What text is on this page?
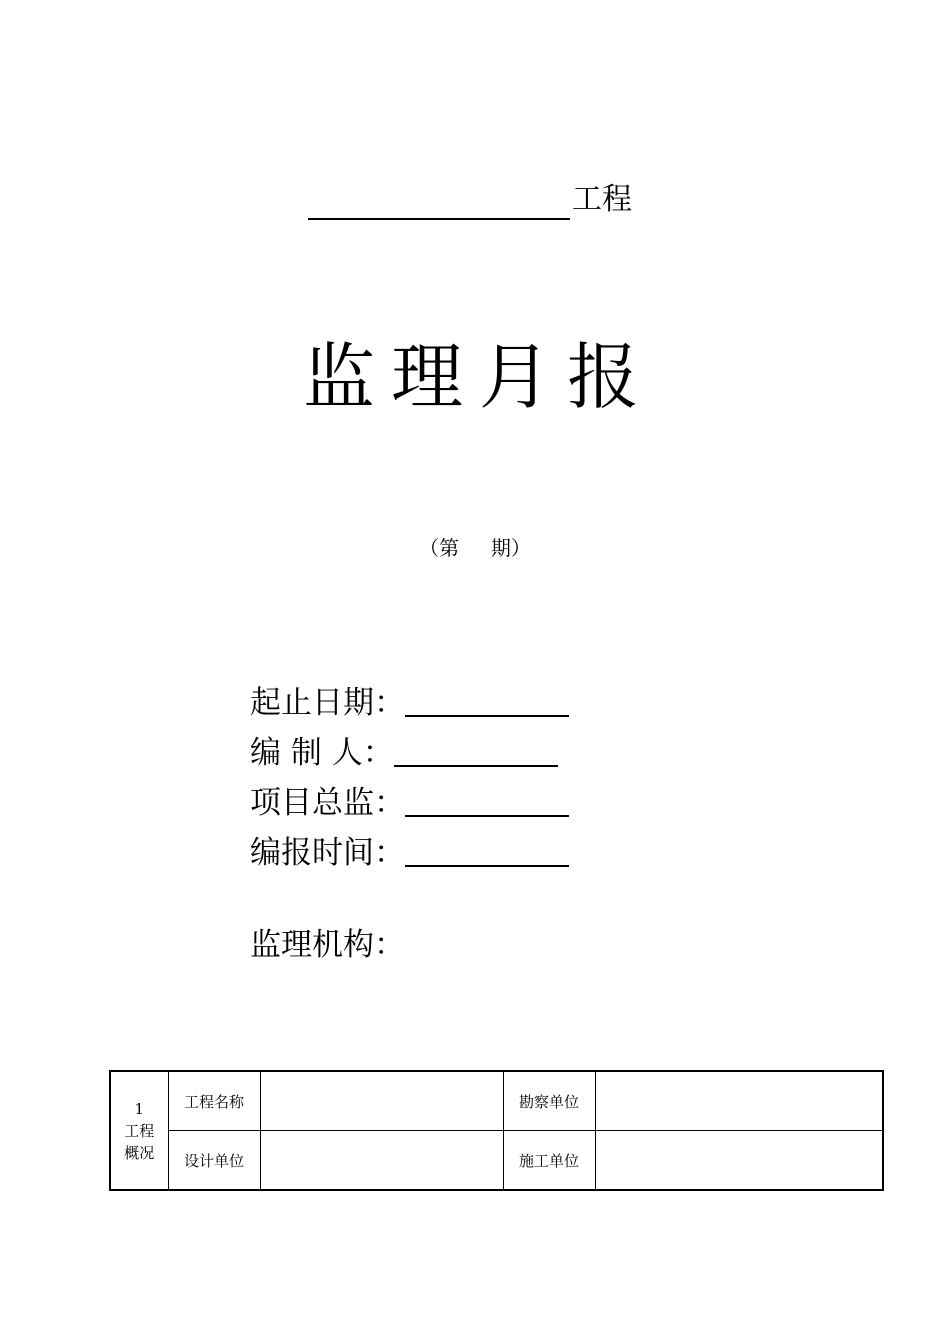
工程
监理月报
（第     期）
起止日期：
编 制 人：
项目总监：
编报时间：
监理机构：
1
工程
概况	工程名称		勘察单位	
	设计单位		施工单位	
